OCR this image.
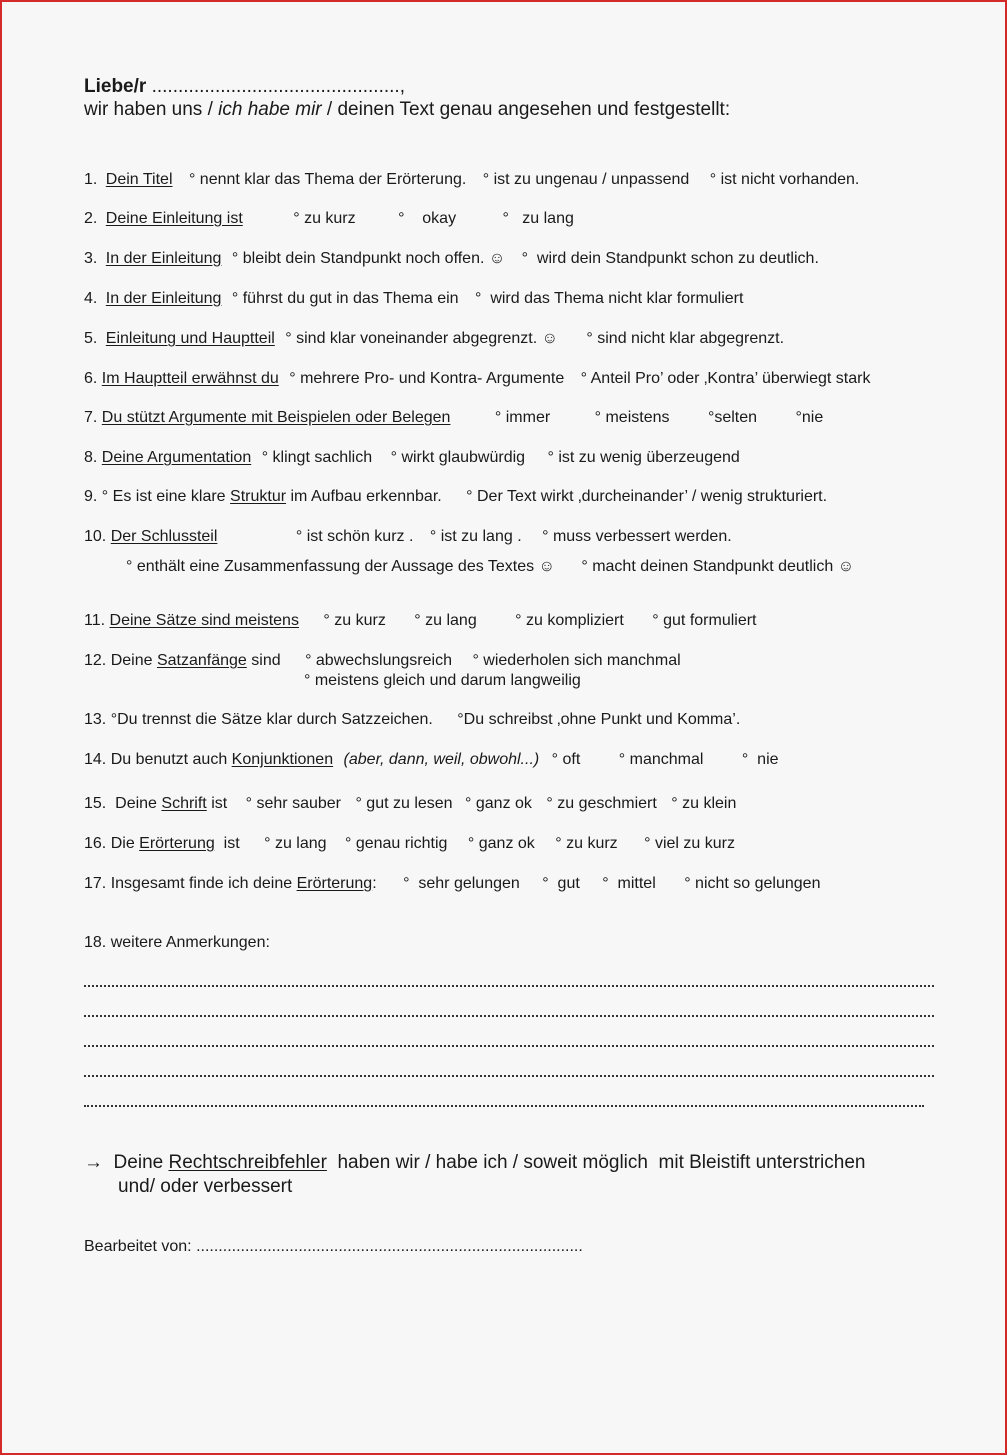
Liebe/r ...............................................,
wir haben uns / ich habe mir / deinen Text genau angesehen und festgestellt:
1. Dein Titel ° nennt klar das Thema der Erörterung. ° ist zu ungenau / unpassend ° ist nicht vorhanden.
2. Deine Einleitung ist	° zu kurz	°    okay	°   zu lang
3. In der Einleitung ° bleibt dein Standpunkt noch offen. ☺ °  wird dein Standpunkt schon zu deutlich.
4. In der Einleitung ° führst du gut in das Thema ein °  wird das Thema nicht klar formuliert
5. Einleitung und Hauptteil ° sind klar voneinander abgegrenzt. ☺ ° sind nicht klar abgegrenzt.
6. Im Hauptteil erwähnst du ° mehrere Pro- und Kontra- Argumente ° Anteil Pro’ oder ‚Kontra’ überwiegt stark
7. Du stützt Argumente mit Beispielen oder Belegen	° immer	° meistens °selten °nie
8. Deine Argumentation ° klingt sachlich ° wirkt glaubwürdig ° ist zu wenig überzeugend
9. ° Es ist eine klare Struktur im Aufbau erkennbar. ° Der Text wirkt ‚durcheinander’ / wenig strukturiert.
10. Der Schlussteil	° ist schön kurz . ° ist zu lang . ° muss verbessert werden.
° enthält eine Zusammenfassung der Aussage des Textes ☺ ° macht deinen Standpunkt deutlich ☺
11. Deine Sätze sind meistens ° zu kurz ° zu lang ° zu kompliziert ° gut formuliert
12. Deine Satzanfänge sind ° abwechslungsreich ° wiederholen sich manchmal
° meistens gleich und darum langweilig
13. °Du trennst die Sätze klar durch Satzzeichen. °Du schreibst ‚ohne Punkt und Komma’.
14. Du benutzt auch Konjunktionen (aber, dann, weil, obwohl...) ° oft ° manchmal °  nie
15.  Deine Schrift ist ° sehr sauber ° gut zu lesen ° ganz ok ° zu geschmiert ° zu klein
16. Die Erörterung  ist ° zu lang ° genau richtig ° ganz ok ° zu kurz ° viel zu kurz
17. Insgesamt finde ich deine Erörterung: °  sehr gelungen °  gut °  mittel ° nicht so gelungen
18. weitere Anmerkungen:
→  Deine Rechtschreibfehler  haben wir / habe ich / soweit möglich  mit Bleistift unterstrichen
und/ oder verbessert
Bearbeitet von: .......................................................................................
